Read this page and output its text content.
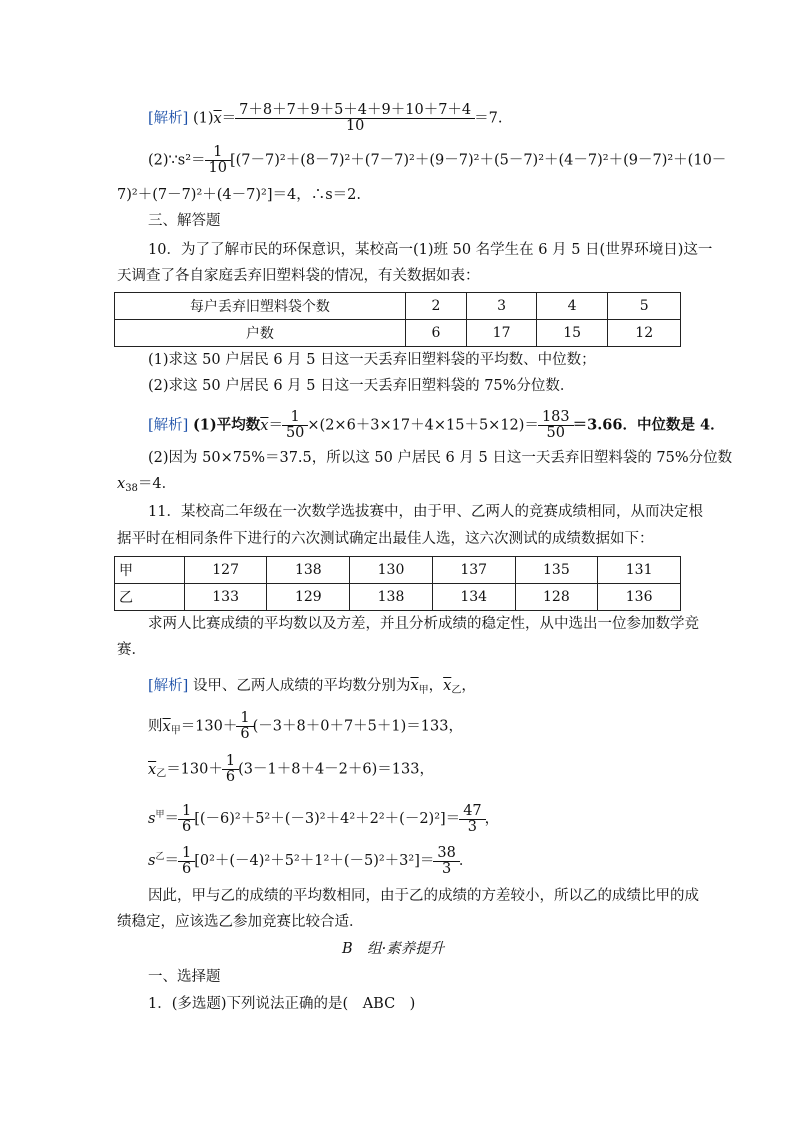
[解析] $(1)\overline{x}= \frac{7+8+7+9+5+4+9+10+7+4}{10} =7$.
(2)∵s²＝ $\frac{1}{10} [(7-7)^2+(8-7)^2+(7-7)^2+(9-7)^2+(5-7)^2+(4-7)^2+(9-7)^2+(10-$
7)²＋(7－7)²＋(4－7)²]＝4，∴s＝2.
三、解答题
10．为了了解市民的环保意识，某校高一(1)班 50 名学生在 6 月 5 日(世界环境日)这一
天调查了各自家庭丢弃旧塑料袋的情况，有关数据如表：
每户丢弃旧塑料袋个数	2	3	4	5
户数	6	17	15	12
(1)求这 50 户居民 6 月 5 日这一天丢弃旧塑料袋的平均数、中位数；
(2)求这 50 户居民 6 月 5 日这一天丢弃旧塑料袋的 75%分位数．
[解析] (1)平均数$\overline{x}= \frac{1}{50} \times(2\times 6+3\times 17+4\times 15+5\times 12)= \frac{183}{50} =3.66$．中位数是 4．
(2)因为 50×75%＝37.5，所以这 50 户居民 6 月 5 日这一天丢弃旧塑料袋的 75%分位数
$x_{38}=4$．
11．某校高二年级在一次数学选拔赛中，由于甲、乙两人的竞赛成绩相同，从而决定根
据平时在相同条件下进行的六次测试确定出最佳人选，这六次测试的成绩数据如下：
甲	127	138	130	137	135	131
乙	133	129	138	134	128	136
求两人比赛成绩的平均数以及方差，并且分析成绩的稳定性，从中选出一位参加数学竞
赛．
[解析] 设甲、乙两人成绩的平均数分别为$\overline{x}_甲$，$\overline{x}_乙$，
则$\overline{x}_甲=130+ \frac{1}{6} (-3+8+0+7+5+1)=133$，
$\overline{x}_乙=130+ \frac{1}{6} (3-1+8+4-2+6)=133$，
$s^甲= \frac{1}{6} [(-6)^2+5^2+(-3)^2+4^2+2^2+(-2)^2]= \frac{47}{3}$ ，
$s^乙= \frac{1}{6} [0^2+(-4)^2+5^2+1^2+(-5)^2+3^2]= \frac{38}{3}$ ．
因此，甲与乙的成绩的平均数相同，由于乙的成绩的方差较小，所以乙的成绩比甲的成
绩稳定，应该选乙参加竞赛比较合适．
B　组·素养提升
一、选择题
1．(多选题)下列说法正确的是(　ABC　)
